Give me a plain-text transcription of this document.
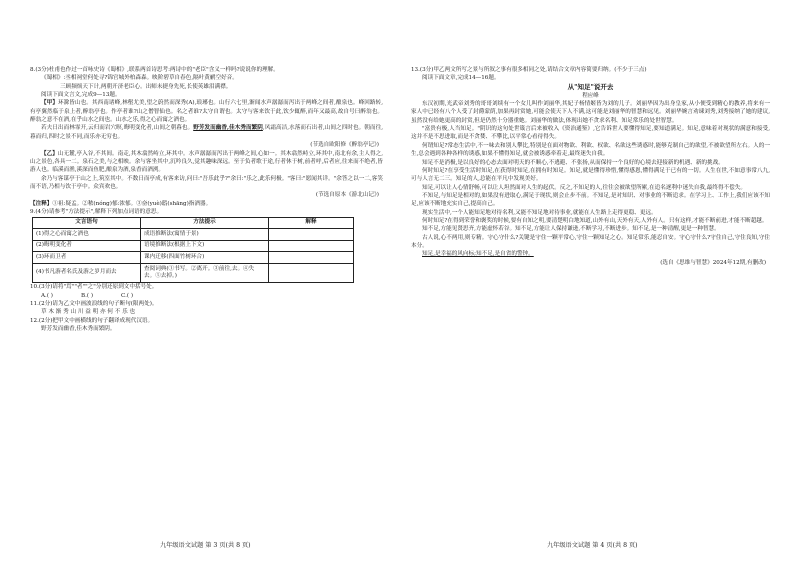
8.(3分)杜甫也作过一首咏史诗《蜀相》,联系两首诗思考:两诗中的"老臣"含义一样吗?说说你的理解。
《蜀相》:丞相祠堂何处寻?锦官城外柏森森。映阶碧草自春色,隔叶黄鹂空好音。
三顾频烦天下计,两朝开济老臣心。出师未捷身先死,长使英雄泪满襟。
阅读下面文言文,完成9—13题。
【甲】环滁皆山也。其西南诸峰,林壑尤美,望之蔚然而深秀(A),琅琊也。山行六七里,渐闻水声潺潺而泻出于两峰之间者,酿泉也。峰回路转,有亭翼然临于泉上者,醉翁亭也。作亭者谁?山之僧智仙也。名之者谁?太守自谓也。太守与客来饮于此,饮少辄醉,而年又最高,故自号曰醉翁也。醉翁之意不在酒,在乎山水之间也。山水之乐,得之心而寓之酒也。
若夫日出而林霏开,云归而岩穴暝,晦明变化者,山间之朝暮也。野芳发而幽香,佳木秀而繁阴,风霜高洁,水落而石出者,山间之四时也。朝而往,暮而归,四时之景不同,而乐亦无穷也。
(节选自欧阳修《醉翁亭记》)
【乙】山无麓,亭入谷,不其间。南走,其木翕然峙立,环其中。水声潺潺而泻出于两峰之间,心如一。其木翕然峙立,环其中,南北有余,主人得之,山之景色,各具一二。泉石之美,与之相映。余与客坐其中,沉吟良久,觉其趣味深远。至于负者歌于途,行者休于树,前者呼,后者应,往来而不绝者,皆游人也。临溪而渔,溪深而鱼肥,酿泉为酒,泉香而酒洌。
余乃与客谋亭于山之上,筑室其中。不数日而亭成,有客来访,问曰:"吾乐此乎?"余曰:"乐之,此乐何极。"客曰:"愿闻其详。"余答之以一二,客笑而不语,乃相与饮于亭中。众宾欢也。
(节选自原本《游北山记》)
【注释】①祖:疑孟。②秾(nóng)郁:浓郁。③奋(yuè)鸱(shāng)指酒器。
9.(4分)请参考"方法提示",解释下列加点词语的意思。
文言语句	方法提示	解释
(1)得之心而寓之酒也	成语推断法(寓情于景)	
(2)晦明变化者	语境推断法(根据上下文)	
(3)环而卫者	课内迁移(四面竹树环合)	
(4)书凡游者名氏及游之岁月而去	查阅词典(①书写。②离开。③前往,去。④失去。⑤去掉。)	
10.(3分)请将"焉""者""之"分别还原到文中括号处。
A.( )	B.( )	C.( )
11.(2分)请为乙文中画波浪线的句子断句(限两处)。
草 木 渐 秀 山 川 益 明 亦 何 不 乐 也
12.(2分)把甲文中画横线的句子翻译成现代汉语。
野芳发而幽香,佳木秀而繁阴。
九年级语文试题 第 3 页(共 8 页)
13.(3分)甲乙两文所写之景与所叙之事有很多相同之处,请结合文章内容简要归纳。(不少于三点)
阅读下面文章,完成14—16题。
从"知足"说开去
程应峰
东汉初期,光武帝刘秀的哥哥刘续有一个女儿叫作刘丽华,其妃子杨情姬皆为刘的儿子。刘丽华因为出身皇家,从小便受到精心的教养,将来有一家人中已经有八个人受了封爵蒙荫,加果再封赏她,可能会使天下人不满,这可能是刘丽华的智慧和远见。刘丽华婉言劝谏刘秀,刘秀接纳了她的建议,虽然没有给她更高的封赏,但是仍然十分器重她。刘丽华的做法,体现出她不贪求名利、知足常乐的处世智慧。
"富贵有极,人当知足。"阴识的这句处世箴言后来被收入《资治通鉴》,它告诉世人要懂得知足,要知道满足。知足,意味着对现状的满意和接受,这并不是不思进取,而是不贪婪、不攀比,以平常心看待得失。
何谓知足?常态生活中,不一味去和别人攀比,特别是在面对物欲、利欲、权欲、名欲这些诱惑时,能够克制自己的欲望,不被欲望所左右。人的一生,总会遇到各种各样的诱惑,如果不懂得知足,就会被诱惑牵着走,最终迷失自我。
知足不是消极,是以良好的心态去面对明天的不顺心,不逃避、不张扬,从而保持一个良好的心境去迎接新的机遇、新的挑战。
何时知足?在享受生活时知足,在获得时知足,在拥有时知足。知足,就是懂得珍惜,懂得感恩,懂得满足于已有的一切。人生在世,不如意事常八九,可与人言无二三。知足的人,总能在平凡中发现美好。
知足,可以让人心情舒畅,可以让人坦然面对人生的起伏。反之,不知足的人,往往会被欲望所累,在追名逐利中迷失自我,最终得不偿失。
不知足,与知足是相对的,如果没有进取心,满足于现状,则会止步不前。不知足,是对知识、对事业的不断追求。在学习上、工作上,我们应该不知足,应该不断地充实自己,提高自己。
现实生活中,一个人能知足地对待名利,又能不知足地对待事业,就能在人生路上走得更稳、更远。
何时知足?在得到荣誉和褒奖的时候,要有自知之明,要清楚明白地知道,山外有山,天外有天,人外有人。只有这样,才能不断前进,才能不断超越。
知不足,方能见贤思齐,方能虚怀若谷。知不足,方能让人保持谦逊,不断学习,不断进步。知不足,是一种清醒,更是一种智慧。
古人说,心不两用,则专精。守心守什么?关键是守住一颗平常心,守住一颗知足之心。知足常乐,能忍自安。守心守什么?守住自己,守住良知,守住本分。
知足,是幸福的风向标;知不足,是自省的警钟。
(选自《思维与智慧》2024年12期,有删改)
九年级语文试题 第 4 页(共 8 页)
